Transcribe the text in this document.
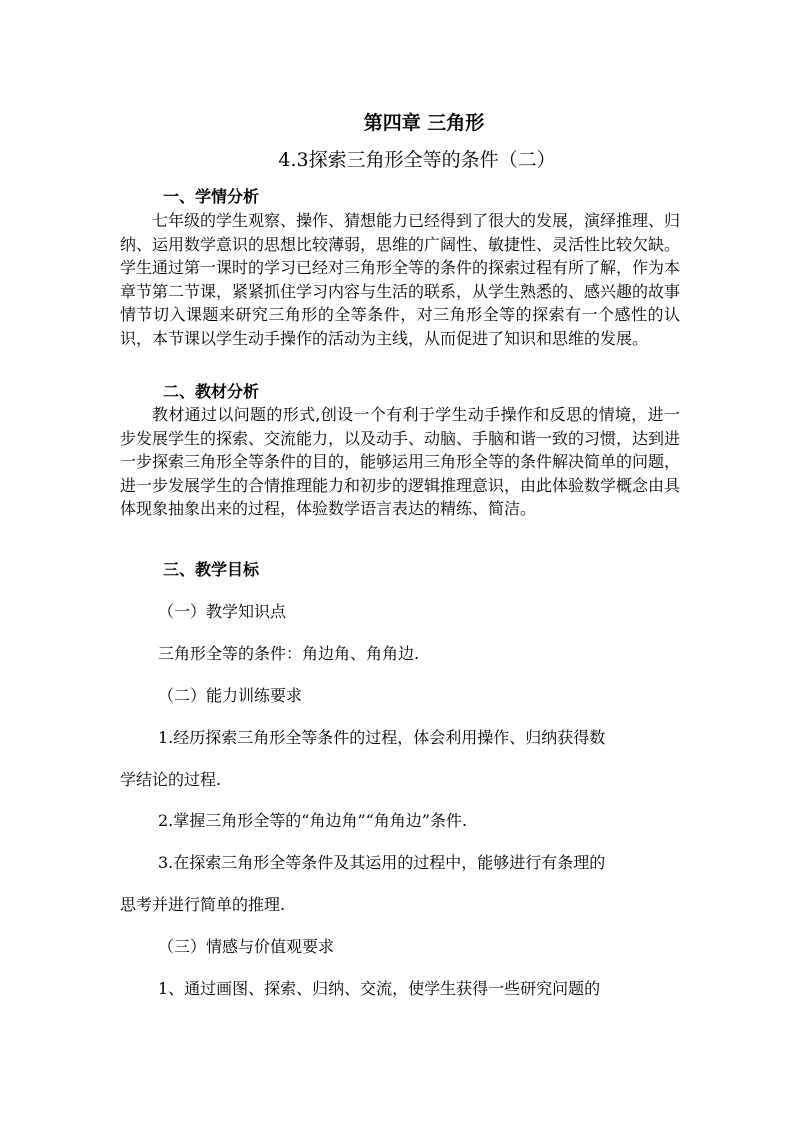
第四章 三角形
4.3探索三角形全等的条件（二）
一、学情分析

七年级的学生观察、操作、猜想能力已经得到了很大的发展，演绎推理、归纳、运用数学意识的思想比较薄弱，思维的广阔性、敏捷性、灵活性比较欠缺。学生通过第一课时的学习已经对三角形全等的条件的探索过程有所了解，作为本章节第二节课，紧紧抓住学习内容与生活的联系，从学生熟悉的、感兴趣的故事情节切入课题来研究三角形的全等条件，对三角形全等的探索有一个感性的认识，本节课以学生动手操作的活动为主线，从而促进了知识和思维的发展。

二、教材分析

教材通过以问题的形式,创设一个有利于学生动手操作和反思的情境，进一步发展学生的探索、交流能力，以及动手、动脑、手脑和谐一致的习惯，达到进一步探索三角形全等条件的目的，能够运用三角形全等的条件解决简单的问题，进一步发展学生的合情推理能力和初步的逻辑推理意识，由此体验数学概念由具体现象抽象出来的过程，体验数学语言表达的精练、简洁。

三、教学目标

（一）教学知识点

三角形全等的条件：角边角、角角边.

（二）能力训练要求

1.经历探索三角形全等条件的过程，体会利用操作、归纳获得数

学结论的过程.

2.掌握三角形全等的“角边角”“角角边”条件.

3.在探索三角形全等条件及其运用的过程中，能够进行有条理的

思考并进行简单的推理.

（三）情感与价值观要求

1、通过画图、探索、归纳、交流，使学生获得一些研究问题的
